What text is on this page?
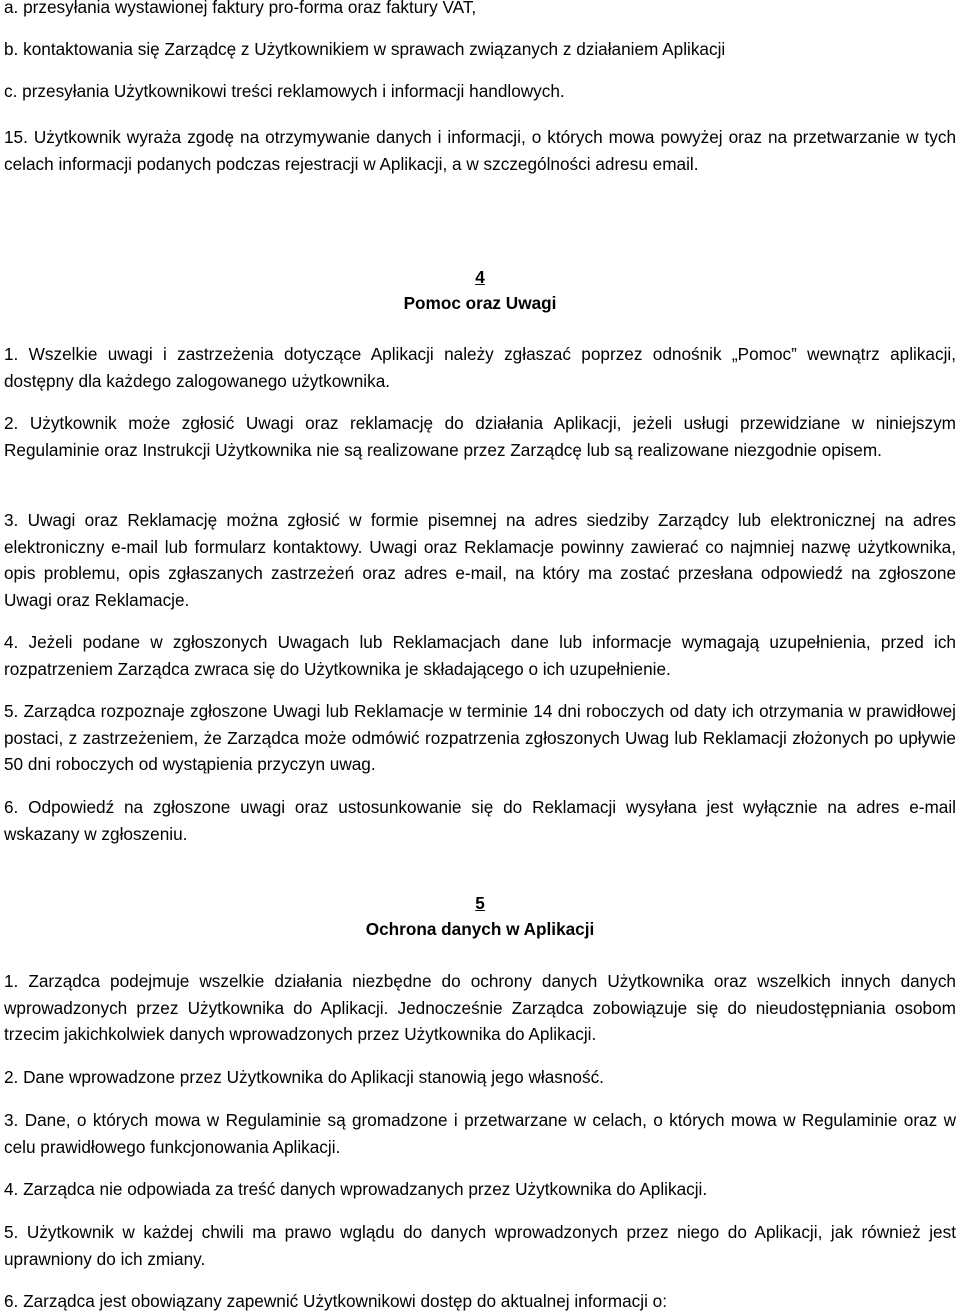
a. przesyłania wystawionej faktury pro-forma oraz faktury VAT,

b. kontaktowania się Zarządcę z Użytkownikiem w sprawach związanych z działaniem Aplikacji

c. przesyłania Użytkownikowi treści reklamowych i informacji handlowych.

15. Użytkownik wyraża zgodę na otrzymywanie danych i informacji, o których mowa powyżej oraz na przetwarzanie w tych celach informacji podanych podczas rejestracji w Aplikacji, a w szczególności adresu email.

4
Pomoc oraz Uwagi

1. Wszelkie uwagi i zastrzeżenia dotyczące Aplikacji należy zgłaszać poprzez odnośnik „Pomoc” wewnątrz aplikacji, dostępny dla każdego zalogowanego użytkownika.

2. Użytkownik może zgłosić Uwagi oraz reklamację do działania Aplikacji, jeżeli usługi przewidziane w niniejszym Regulaminie oraz Instrukcji Użytkownika nie są realizowane przez Zarządcę lub są realizowane niezgodnie opisem.

3. Uwagi oraz Reklamację można zgłosić w formie pisemnej na adres siedziby Zarządcy lub elektronicznej na adres elektroniczny e-mail lub formularz kontaktowy. Uwagi oraz Reklamacje powinny zawierać co najmniej nazwę użytkownika, opis problemu, opis zgłaszanych zastrzeżeń oraz adres e-mail, na który ma zostać przesłana odpowiedź na zgłoszone Uwagi oraz Reklamacje.

4. Jeżeli podane w zgłoszonych Uwagach lub Reklamacjach dane lub informacje wymagają uzupełnienia, przed ich rozpatrzeniem Zarządca zwraca się do Użytkownika je składającego o ich uzupełnienie.

5. Zarządca rozpoznaje zgłoszone Uwagi lub Reklamacje w terminie 14 dni roboczych od daty ich otrzymania w prawidłowej postaci, z zastrzeżeniem, że Zarządca może odmówić rozpatrzenia zgłoszonych Uwag lub Reklamacji złożonych po upływie 50 dni roboczych od wystąpienia przyczyn uwag.

6. Odpowiedź na zgłoszone uwagi oraz ustosunkowanie się do Reklamacji wysyłana jest wyłącznie na adres e-mail wskazany w zgłoszeniu.

5
Ochrona danych w Aplikacji

1. Zarządca podejmuje wszelkie działania niezbędne do ochrony danych Użytkownika oraz wszelkich innych danych wprowadzonych przez Użytkownika do Aplikacji. Jednocześnie Zarządca zobowiązuje się do nieudostępniania osobom trzecim jakichkolwiek danych wprowadzonych przez Użytkownika do Aplikacji.

2. Dane wprowadzone przez Użytkownika do Aplikacji stanowią jego własność.

3. Dane, o których mowa w Regulaminie są gromadzone i przetwarzane w celach, o których mowa w Regulaminie oraz w celu prawidłowego funkcjonowania Aplikacji.

4. Zarządca nie odpowiada za treść danych wprowadzanych przez Użytkownika do Aplikacji.

5. Użytkownik w każdej chwili ma prawo wglądu do danych wprowadzonych przez niego do Aplikacji, jak również jest uprawniony do ich zmiany.

6. Zarządca jest obowiązany zapewnić Użytkownikowi dostęp do aktualnej informacji o:
